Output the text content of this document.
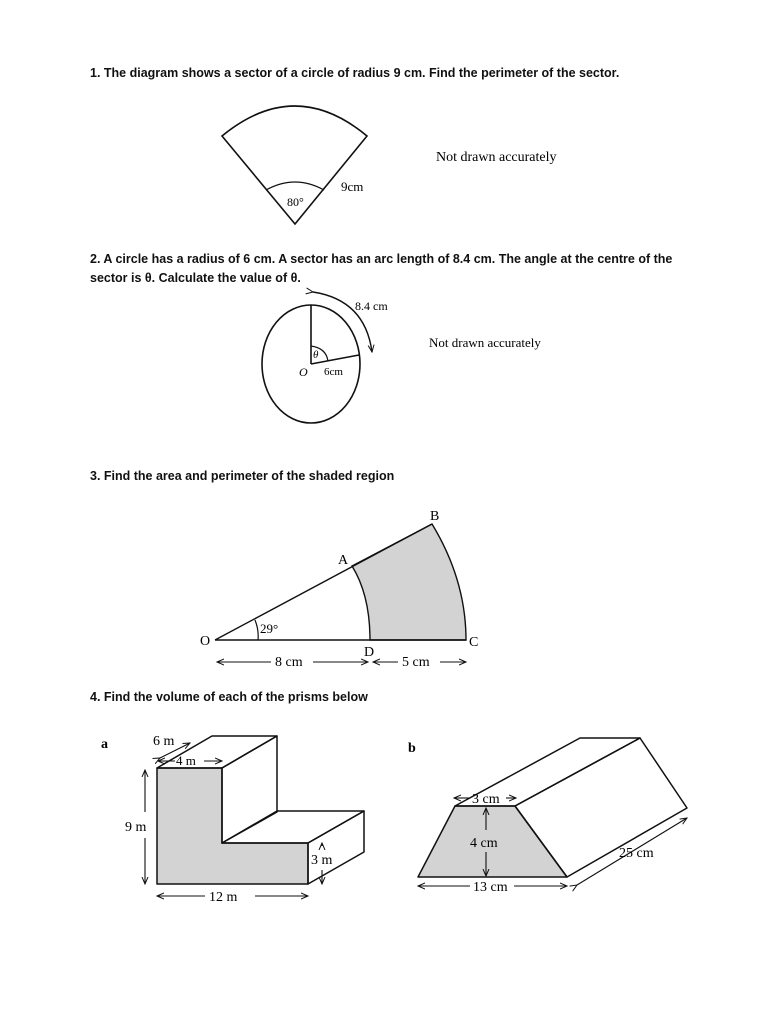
1. The diagram shows a sector of a circle of radius 9 cm. Find the perimeter of the sector.
2. A circle has a radius of 6 cm. A sector has an arc length of 8.4 cm. The angle at the centre of the sector is θ. Calculate the value of θ.
3. Find the area and perimeter of the shaded region
4. Find the volume of each of the prisms below
80°
9cm
Not drawn accurately
θ
O 6cm
8.4 cm
Not drawn accurately
O
A
B
C
D
29°
8 cm	5 cm
a	6 m
4 m
9 m
3 m
12 m
b
3 cm
4 cm
13 cm
25 cm
